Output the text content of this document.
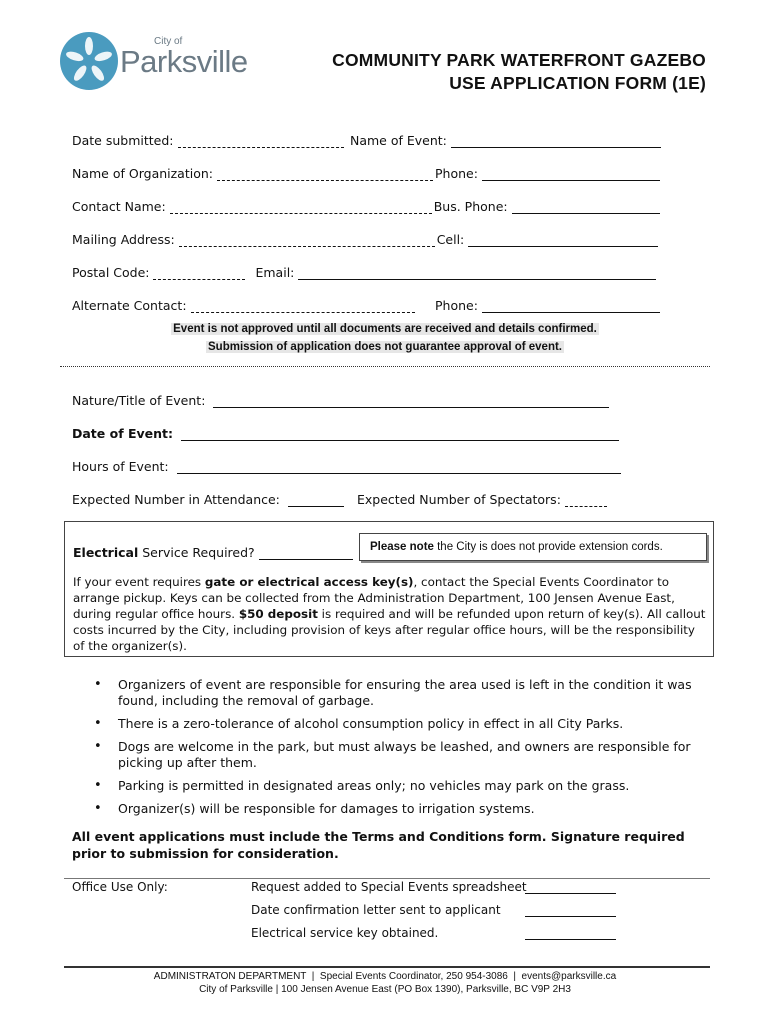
City of
Parksville	COMMUNITY PARK WATERFRONT GAZEBO
USE APPLICATION FORM (1E)
Date submitted:	Name of Event:
Name of Organization:	Phone:
Contact Name:	Bus. Phone:
Mailing Address:	Cell:
Postal Code:	Email:
Alternate Contact:	Phone:
Event is not approved until all documents are received and details confirmed.
Submission of application does not guarantee approval of event.
Nature/Title of Event:
Date of Event:
Hours of Event:
Expected Number in Attendance:	Expected Number of Spectators:
Electrical Service Required?	Please note the City is does not provide extension cords.
If your event requires gate or electrical access key(s), contact the Special Events Coordinator to arrange pickup. Keys can be collected from the Administration Department, 100 Jensen Avenue East, during regular office hours. $50 deposit is required and will be refunded upon return of key(s). All callout costs incurred by the City, including provision of keys after regular office hours, will be the responsibility of the organizer(s).
• Organizers of event are responsible for ensuring the area used is left in the condition it was found, including the removal of garbage.
• There is a zero-tolerance of alcohol consumption policy in effect in all City Parks.
• Dogs are welcome in the park, but must always be leashed, and owners are responsible for picking up after them.
• Parking is permitted in designated areas only; no vehicles may park on the grass.
• Organizer(s) will be responsible for damages to irrigation systems.
All event applications must include the Terms and Conditions form. Signature required prior to submission for consideration.
Office Use Only:	Request added to Special Events spreadsheet
Date confirmation letter sent to applicant
Electrical service key obtained.
ADMINISTRATON DEPARTMENT  |  Special Events Coordinator, 250 954-3086  |  events@parksville.ca
City of Parksville | 100 Jensen Avenue East (PO Box 1390), Parksville, BC V9P 2H3
